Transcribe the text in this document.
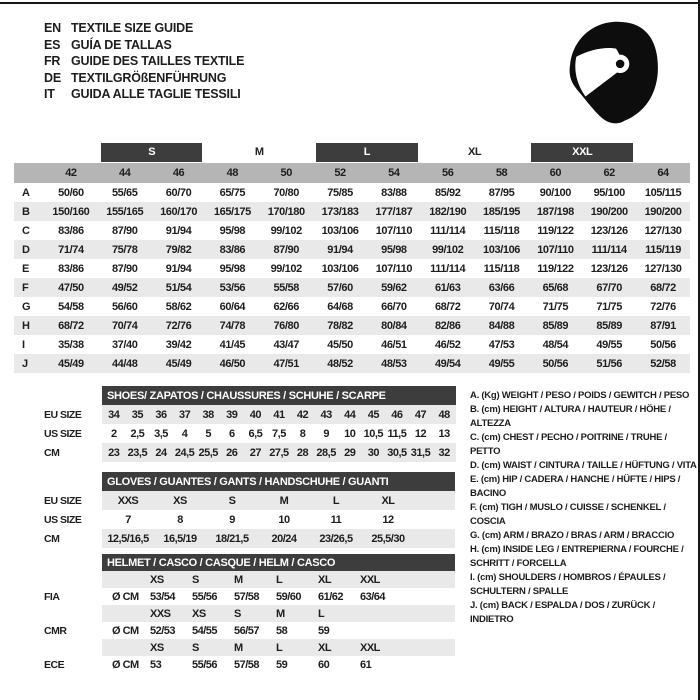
EN TEXTILE SIZE GUIDE
ES GUÍA DE TALLAS
FR GUIDE DES TAILLES TEXTILE
DE TEXTILGRÖßENFÜHRUNG
IT	GUIDA ALLE TAGLIE TESSILI

		S		M		L		XL		XXL		

	42	44	46	48	50	52	54	56	58	60	62	64
A	50/60	55/65	60/70	65/75	70/80	75/85	83/88	85/92	87/95	90/100	95/100	105/115
B	150/160	155/165	160/170	165/175	170/180	173/183	177/187	182/190	185/195	187/198	190/200	190/200
C	83/86	87/90	91/94	95/98	99/102	103/106	107/110	111/114	115/118	119/122	123/126	127/130
D	71/74	75/78	79/82	83/86	87/90	91/94	95/98	99/102	103/106	107/110	111/114	115/119
E	83/86	87/90	91/94	95/98	99/102	103/106	107/110	111/114	115/118	119/122	123/126	127/130
F	47/50	49/52	51/54	53/56	55/58	57/60	59/62	61/63	63/66	65/68	67/70	68/72
G	54/58	56/60	58/62	60/64	62/66	64/68	66/70	68/72	70/74	71/75	71/75	72/76
H	68/72	70/74	72/76	74/78	76/80	78/82	80/84	82/86	84/88	85/89	85/89	87/91
I	35/38	37/40	39/42	41/45	43/47	45/50	46/51	46/52	47/53	48/54	49/55	50/56
J	45/49	44/48	45/49	46/50	47/51	48/52	48/53	49/54	49/55	50/56	51/56	52/58
	SHOES/ ZAPATOS / CHAUSSURES / SCHUHE / SCARPE														
EU SIZE	34	35	36	37	38	39	40	41	42	43	44	45	46	47	48
US SIZE	2	2,5	3,5	4	5	6	6,5	7,5	8	9	10	10,5	11,5	12	13
CM	23	23,5	24	24,5	25,5	26	27	27,5	28	28,5	29	30	30,5	31,5	32
	GLOVES / GUANTES / GANTS / HANDSCHUHE / GUANTI						
EU SIZE	XXS	XS	S	M	L	XL	
US SIZE	7	8	9	10	11	12	
CM	12,5/16,5	16,5/19	18/21,5	20/24	23/26,5	25,5/30	
	HELMET / CASCO / CASQUE / HELM / CASCO							
		XS	S	M	L	XL	XXL	
FIA	Ø CM	53/54	55/56	57/58	59/60	61/62	63/64	
		XXS	XS	S	M	L		
CMR	Ø CM	52/53	54/55	56/57	58	59		
		XS	S	M	L	XL	XXL	
ECE	Ø CM	53	55/56	57/58	59	60	61	
A. (Kg) WEIGHT / PESO / POIDS / GEWITCH / PESO
B. (cm) HEIGHT / ALTURA / HAUTEUR / HÖHE / ALTEZZA
C. (cm) CHEST / PECHO / POITRINE / TRUHE / PETTO
D. (cm) WAIST / CINTURA / TAILLE / HÜFTUNG / VITA
E. (cm) HIP / CADERA / HANCHE / HÜFTE / HIPS / BACINO
F. (cm) TIGH / MUSLO / CUISSE / SCHENKEL / COSCIA
G. (cm) ARM / BRAZO / BRAS / ARM / BRACCIO
H. (cm) INSIDE LEG / ENTREPIERNA / FOURCHE / SCHRITT / FORCELLA
I. (cm) SHOULDERS / HOMBROS / ÉPAULES / SCHULTERN / SPALLE
J. (cm) BACK / ESPALDA / DOS / ZURÜCK / INDIETRO
